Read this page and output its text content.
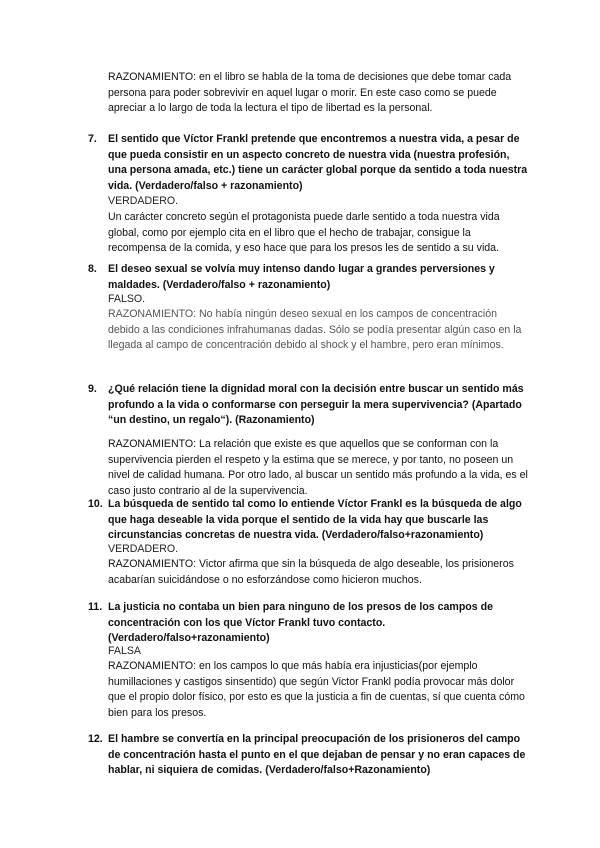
RAZONAMIENTO: en el libro se habla de la toma de decisiones que debe tomar cada persona para poder sobrevivir en aquel lugar o morir. En este caso como se puede apreciar a lo largo de toda la lectura el tipo de libertad es la personal.
7. El sentido que Víctor Frankl pretende que encontremos a nuestra vida, a pesar de que pueda consistir en un aspecto concreto de nuestra vida (nuestra profesión, una persona amada, etc.) tiene un carácter global porque da sentido a toda nuestra vida. (Verdadero/falso + razonamiento)
VERDADERO.
Un carácter concreto según el protagonista puede darle sentido a toda nuestra vida global, como por ejemplo cita en el libro que el hecho de trabajar, consigue la recompensa de la comida, y eso hace que para los presos les de sentido a su vida.
8. El deseo sexual se volvía muy intenso dando lugar a grandes perversiones y maldades. (Verdadero/falso + razonamiento)
FALSO.
RAZONAMIENTO: No había ningún deseo sexual en los campos de concentración debido a las condiciones infrahumanas dadas. Sólo se podía presentar algún caso en la llegada al campo de concentración debido al shock y el hambre, pero eran mínimos.
9. ¿Qué relación tiene la dignidad moral con la decisión entre buscar un sentido más profundo a la vida o conformarse con perseguir la mera supervivencia? (Apartado “un destino, un regalo“). (Razonamiento)
RAZONAMIENTO: La relación que existe es que aquellos que se conforman con la supervivencia pierden el respeto y la estima que se merece, y por tanto, no poseen un nivel de calidad humana. Por otro lado, al buscar un sentido más profundo a la vida, es el caso justo contrario al de la supervivencia.
10. La búsqueda de sentido tal como lo entiende Víctor Frankl es la búsqueda de algo que haga deseable la vida porque el sentido de la vida hay que buscarle las circunstancias concretas de nuestra vida. (Verdadero/falso+razonamiento)
VERDADERO.
RAZONAMIENTO: Victor afirma que sin la búsqueda de algo deseable, los prisioneros acabarían suicidándose o no esforzándose como hicieron muchos.
11. La justicia no contaba un bien para ninguno de los presos de los campos de concentración con los que Víctor Frankl tuvo contacto.(Verdadero/falso+razonamiento)
FALSA
RAZONAMIENTO: en los campos lo que más había era injusticias(por ejemplo humillaciones y castigos sinsentido) que según Victor Frankl podía provocar más dolor que el propio dolor físico, por esto es que la justicia a fin de cuentas, sí que cuenta cómo bien para los presos.
12. El hambre se convertía en la principal preocupación de los prisioneros del campo de concentración hasta el punto en el que dejaban de pensar y no eran capaces de hablar, ni siquiera de comidas. (Verdadero/falso+Razonamiento)
